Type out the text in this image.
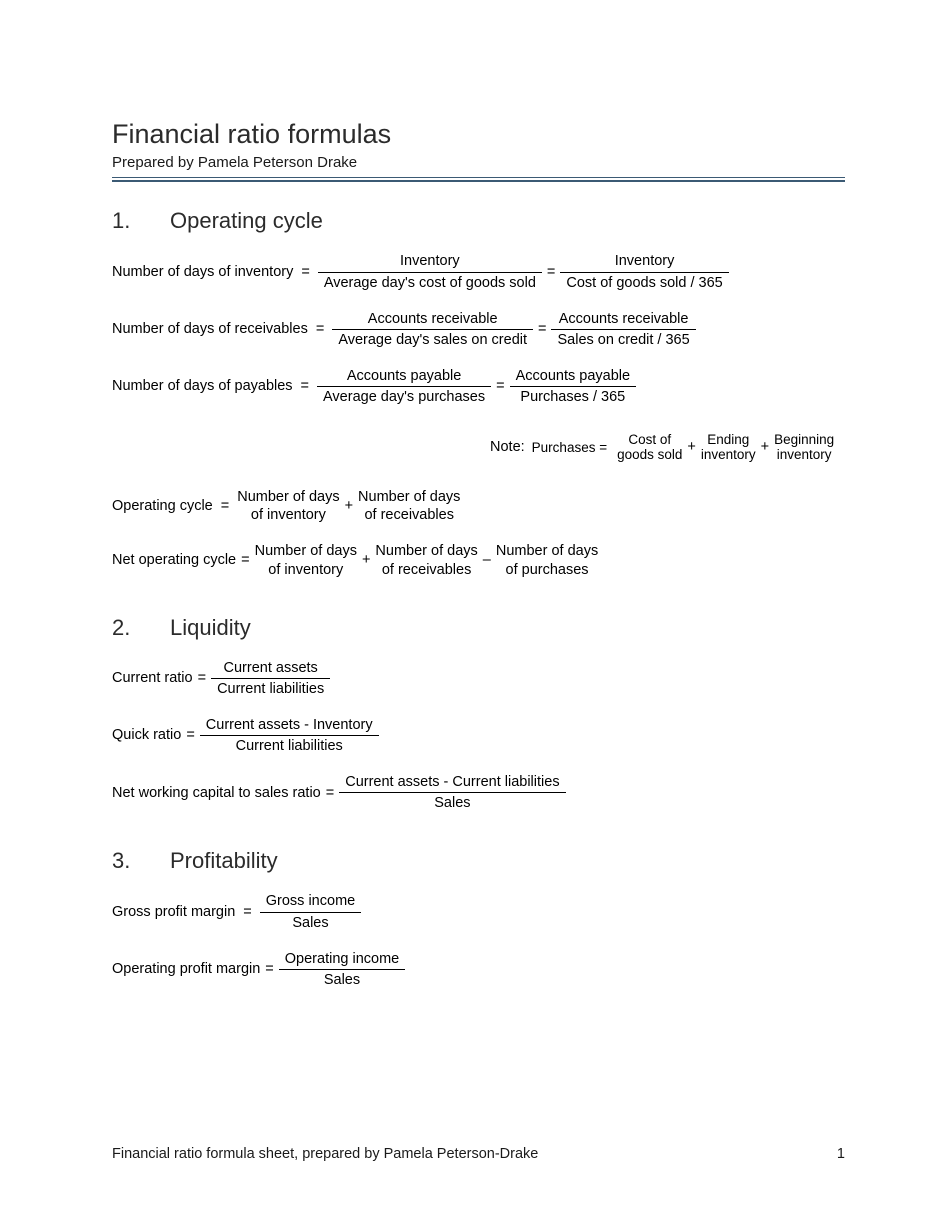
Financial ratio formulas

Prepared by Pamela Peterson Drake

1.	Operating cycle
Number of days of inventory = $\frac{\text{Inventory}}{\text{Average day's cost of goods sold}} = \frac{\text{Inventory}}{\text{Cost of goods sold / 365}}$
Number of days of receivables = $\frac{\text{Accounts receivable}}{\text{Average day's sales on credit}} = \frac{\text{Accounts receivable}}{\text{Sales on credit / 365}}$
Number of days of payables = $\frac{\text{Accounts payable}}{\text{Average day's purchases}} = \frac{\text{Accounts payable}}{\text{Purchases / 365}}$
Note: Purchases =	Cost of
goods sold + Ending
inventory + Beginning
inventory
Operating cycle =
Number of days
of inventory
+
Number of days
of receivables
Net operating cycle =
Number of days
of inventory
+
Number of days
of receivables
–
Number of days
of purchases
2.	Liquidity
Current ratio = $\frac{\text{Current assets}}{\text{Current liabilities}}$
Quick ratio = $\frac{\text{Current assets - Inventory}}{\text{Current liabilities}}$
Net working capital to sales ratio = $\frac{\text{Current assets - Current liabilities}}{\text{Sales}}$
3.	Profitability
Gross profit margin = $\frac{\text{Gross income}}{\text{Sales}}$
Operating profit margin = $\frac{\text{Operating income}}{\text{Sales}}$
Financial ratio formula sheet, prepared by Pamela Peterson-Drake	1
